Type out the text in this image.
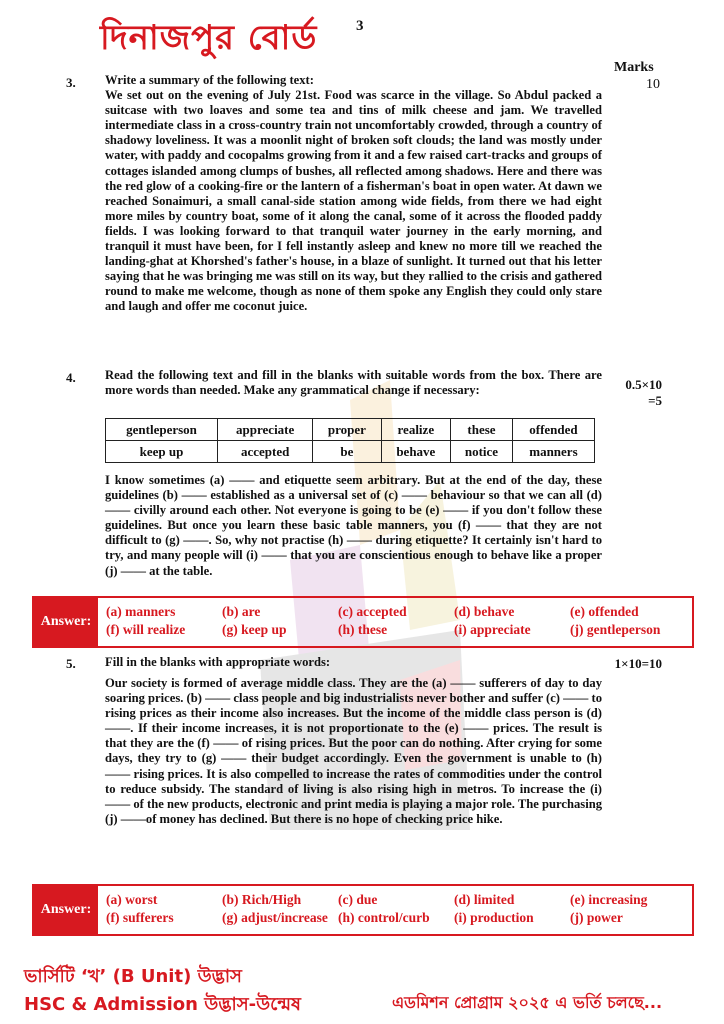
দিনাজপুর বোর্ড	3
Marks
3.	10

Write a summary of the following text:

We set out on the evening of July 21st. Food was scarce in the village. So Abdul packed a suitcase with two loaves and some tea and tins of milk cheese and jam. We travelled intermediate class in a cross-country train not uncomfortably crowded, through a country of shadowy loveliness. It was a moonlit night of broken soft clouds; the land was mostly under water, with paddy and cocopalms growing from it and a few raised cart-tracks and groups of cottages islanded among clumps of bushes, all reflected among shadows. Here and there was the red glow of a cooking-fire or the lantern of a fisherman's boat in open water. At dawn we reached Sonaimuri, a small canal-side station among wide fields, from there we had eight more miles by country boat, some of it along the canal, some of it across the flooded paddy fields. I was looking forward to that tranquil water journey in the early morning, and tranquil it must have been, for I fell instantly asleep and knew no more till we reached the landing-ghat at Khorshed's father's house, in a blaze of sunlight. It turned out that his letter saying that he was bringing me was still on its way, but they rallied to the crisis and gathered round to make me welcome, though as none of them spoke any English they could only stare and laugh and offer me coconut juice.

4.	0.5×10
=5
Read the following text and fill in the blanks with suitable words from the box. There are more words than needed. Make any grammatical change if necessary:
gentleperson	appreciate	proper	realize	these	offended
keep up	accepted	be	behave	notice	manners
I know sometimes (a) —— and etiquette seem arbitrary. But at the end of the day, these guidelines (b) —— established as a universal set of (c) —— behaviour so that we can all (d) —— civilly around each other. Not everyone is going to be (e) —— if you don't follow these guidelines. But once you learn these basic table manners, you (f) —— that they are not difficult to (g) ——. So, why not practise (h) —— during etiquette? It certainly isn't hard to try, and many people will (i) —— that you are conscientious enough to behave like a proper (j) —— at the table.
Answer:
(a) manners	(b) are	(c) accepted	(d) behave	(e) offended
(f) will realize	(g) keep up	(h) these	(i) appreciate	(j) gentleperson
5.	1×10=10
Fill in the blanks with appropriate words:
Our society is formed of average middle class. They are the (a) —— sufferers of day to day soaring prices. (b) —— class people and big industrialists never bother and suffer (c) —— to rising prices as their income also increases. But the income of the middle class person is (d) ——. If their income increases, it is not proportionate to the (e) —— prices. The result is that they are the (f) —— of rising prices. But the poor can do nothing. After crying for some days, they try to (g) —— their budget accordingly. Even the government is unable to (h) —— rising prices. It is also compelled to increase the rates of commodities under the control to reduce subsidy. The standard of living is also rising high in metros. To increase the (i) —— of the new products, electronic and print media is playing a major role. The purchasing (j) ——of money has declined. But there is no hope of checking price hike.
Answer:
(a) worst	(b) Rich/High	(c) due	(d) limited	(e) increasing
(f) sufferers	(g) adjust/increase (h) control/curb	(i) production	(j) power
ভার্সিটি ‘খ’ (B Unit) উদ্ভাস
HSC & Admission উদ্ভাস-উন্মেষ	এডমিশন প্রোগ্রাম ২০২৫ এ ভর্তি চলছে...
